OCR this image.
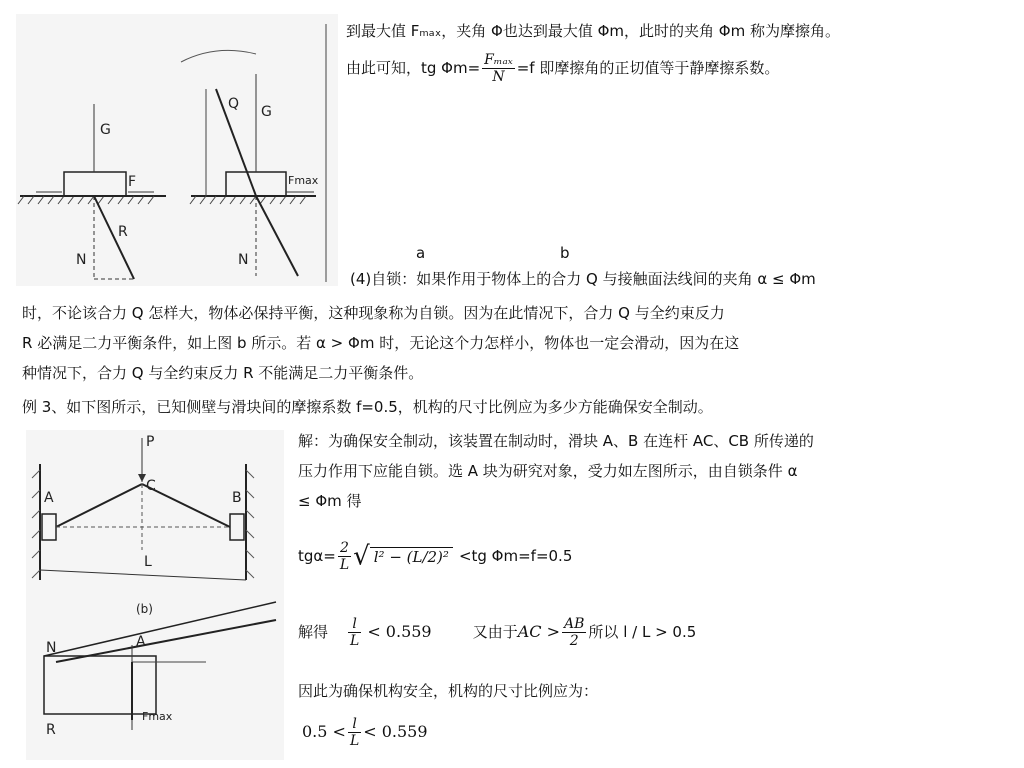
G
F
R
N
G
Q
Fmax
N
到最大值 Fₘₐₓ，夹角 Φ也达到最大值 Φm，此时的夹角 Φm 称为摩擦角。
由此可知，tg $\Phi m= \frac{\text{Fₘₐₓ}}{N} =f$ 即摩擦角的正切值等于静摩擦系数。
a	b
(4)自锁：如果作用于物体上的合力 Q 与接触面法线间的夹角 α ≤ Φm
时，不论该合力 Q 怎样大，物体必保持平衡，这种现象称为自锁。因为在此情况下，合力 Q 与全约束反力
R 必满足二力平衡条件，如上图 b 所示。若 α > Φm 时，无论这个力怎样小，物体也一定会滑动，因为在这
种情况下，合力 Q 与全约束反力 R 不能满足二力平衡条件。
例 3、如下图所示，已知侧壁与滑块间的摩擦系数 f=0.5，机构的尺寸比例应为多少方能确保安全制动。
P
C
A	B
L
(b)
A
N
Fmax
R
解：为确保安全制动，该装置在制动时，滑块 A、B 在连杆 AC、CB 所传递的
压力作用下应能自锁。选 A 块为研究对象，受力如左图所示，由自锁条件 α
≤ Φm 得
$tg\alpha= \frac{2}{L}$ √ l² − (L/2)² <tg Φm=f=0.5
解得 $\frac{l}{L} < 0.559$	又由于AC > $\frac{AB}{2}$ 所以 l / L > 0.5
因此为确保机构安全，机构的尺寸比例应为：
$0.5 < \frac{l}{L} < 0.559$
